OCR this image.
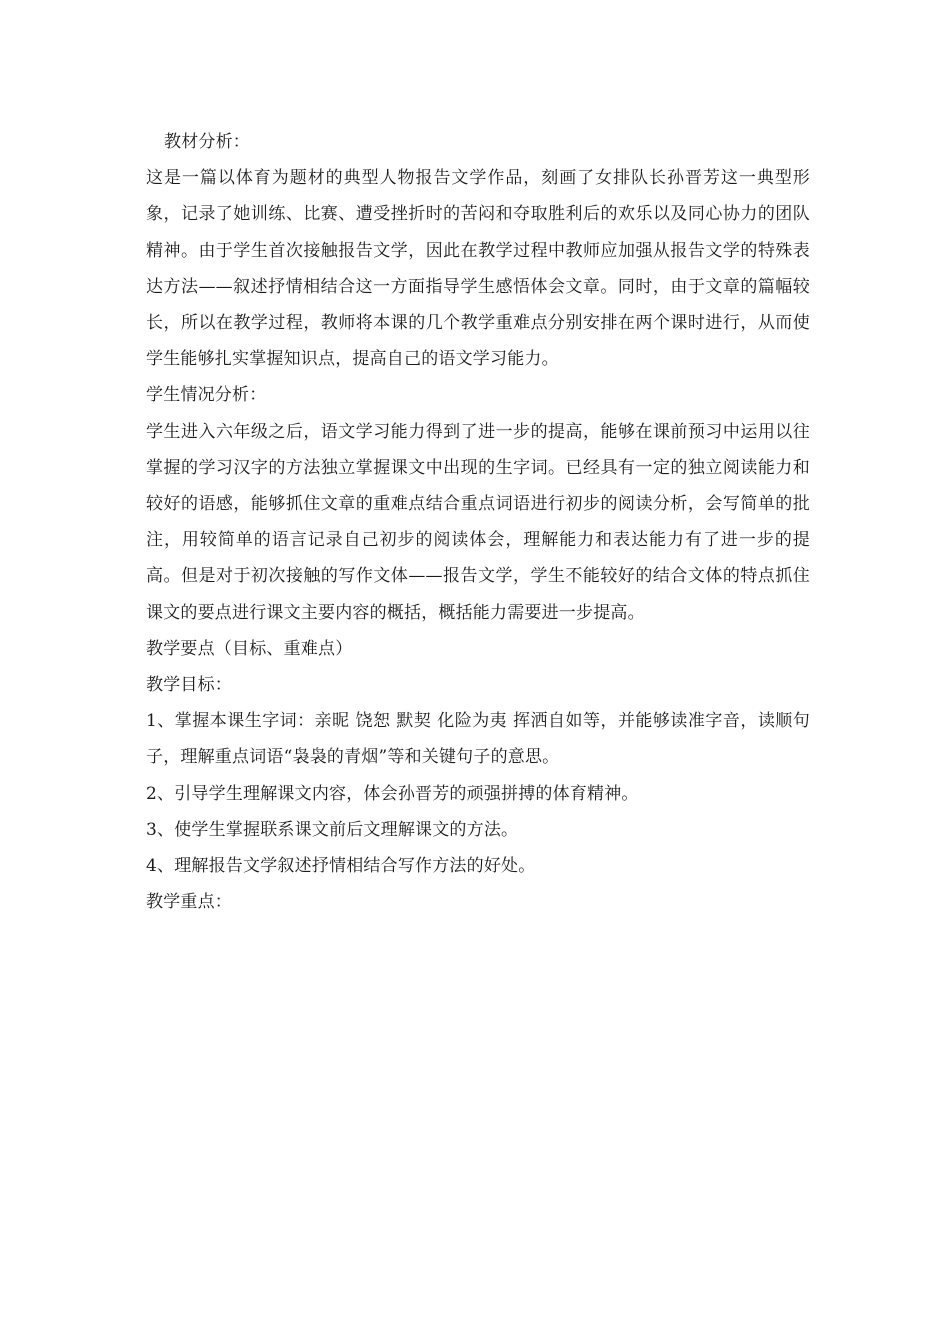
教材分析：

这是一篇以体育为题材的典型人物报告文学作品，刻画了女排队长孙晋芳这一典型形象，记录了她训练、比赛、遭受挫折时的苦闷和夺取胜利后的欢乐以及同心协力的团队精神。由于学生首次接触报告文学，因此在教学过程中教师应加强从报告文学的特殊表达方法——叙述抒情相结合这一方面指导学生感悟体会文章。同时，由于文章的篇幅较长，所以在教学过程，教师将本课的几个教学重难点分别安排在两个课时进行，从而使学生能够扎实掌握知识点，提高自己的语文学习能力。

学生情况分析：

学生进入六年级之后，语文学习能力得到了进一步的提高，能够在课前预习中运用以往掌握的学习汉字的方法独立掌握课文中出现的生字词。已经具有一定的独立阅读能力和较好的语感，能够抓住文章的重难点结合重点词语进行初步的阅读分析，会写简单的批注，用较简单的语言记录自己初步的阅读体会，理解能力和表达能力有了进一步的提高。但是对于初次接触的写作文体——报告文学，学生不能较好的结合文体的特点抓住课文的要点进行课文主要内容的概括，概括能力需要进一步提高。

教学要点（目标、重难点）

教学目标：

1、掌握本课生字词：亲昵 饶恕 默契 化险为夷 挥洒自如等，并能够读准字音，读顺句子，理解重点词语“袅袅的青烟”等和关键句子的意思。

2、引导学生理解课文内容，体会孙晋芳的顽强拼搏的体育精神。

3、使学生掌握联系课文前后文理解课文的方法。

4、理解报告文学叙述抒情相结合写作方法的好处。

教学重点：
